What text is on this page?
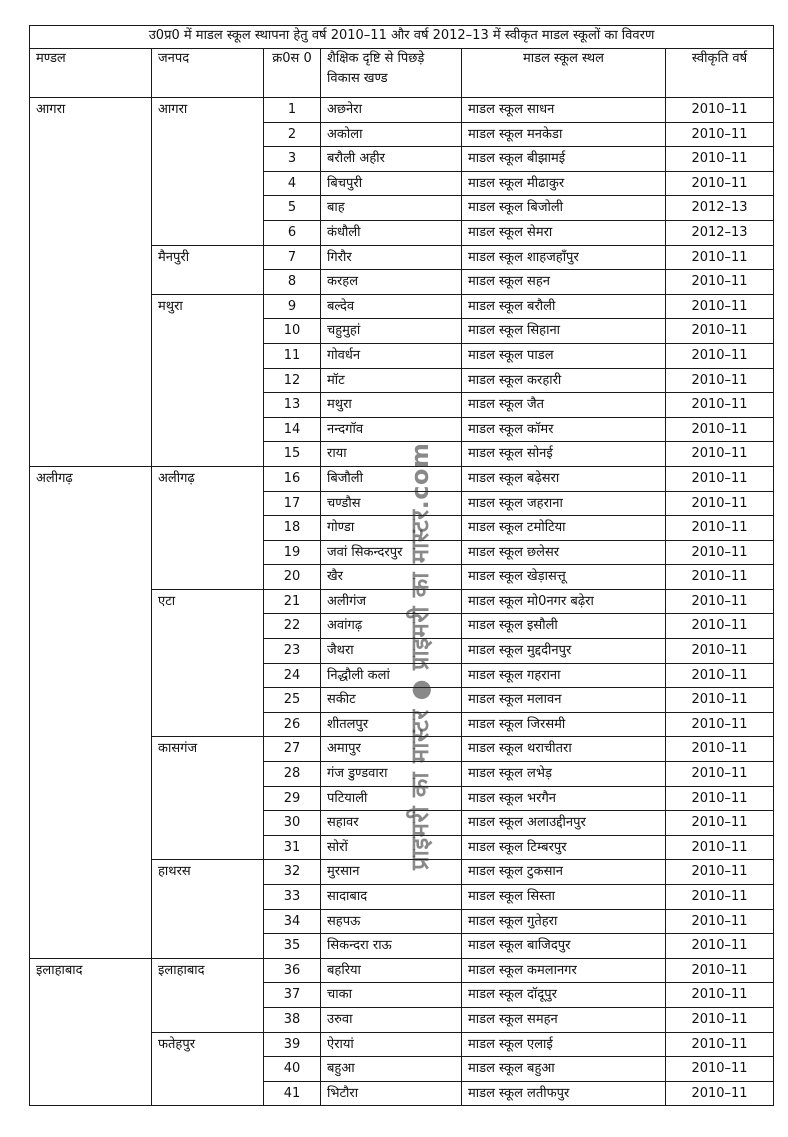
उ0प्र0 में माडल स्कूल स्थापना हेतु वर्ष 2010–11 और वर्ष 2012–13 में स्वीकृत माडल स्कूलों का विवरण					
मण्डल	जनपद	क्र0स 0	शैक्षिक दृष्टि से पिछड़े विकास खण्ड	माडल स्कूल स्थल	स्वीकृति वर्ष
आगरा	आगरा	1	अछनेरा	माडल स्कूल साधन	2010–11
		2	अकोला	माडल स्कूल मनकेडा	2010–11
		3	बरौली अहीर	माडल स्कूल बीझामई	2010–11
		4	बिचपुरी	माडल स्कूल मीढाकुर	2010–11
		5	बाह	माडल स्कूल बिजोली	2012–13
		6	कंधौली	माडल स्कूल सेमरा	2012–13
	मैनपुरी	7	गिरौर	माडल स्कूल शाहजहाँपुर	2010–11
		8	करहल	माडल स्कूल सहन	2010–11
	मथुरा	9	बल्देव	माडल स्कूल बरौली	2010–11
		10	चहुमुहां	माडल स्कूल सिहाना	2010–11
		11	गोवर्धन	माडल स्कूल पाडल	2010–11
		12	मॉट	माडल स्कूल करहारी	2010–11
		13	मथुरा	माडल स्कूल जैत	2010–11
		14	नन्दगॉव	माडल स्कूल कॉमर	2010–11
		15	राया	माडल स्कूल सोनई	2010–11
अलीगढ़	अलीगढ़	16	बिजौली	माडल स्कूल बढ़ेसरा	2010–11
		17	चण्डौस	माडल स्कूल जहराना	2010–11
		18	गोण्डा	माडल स्कूल टमोटिया	2010–11
		19	जवां सिकन्दरपुर	माडल स्कूल छलेसर	2010–11
		20	खैर	माडल स्कूल खेड़ासत्तू	2010–11
	एटा	21	अलीगंज	माडल स्कूल मो0नगर बढ़ेरा	2010–11
		22	अवांगढ़	माडल स्कूल इसौली	2010–11
		23	जैथरा	माडल स्कूल मुद्ददीनपुर	2010–11
		24	निद्धौली कलां	माडल स्कूल गहराना	2010–11
		25	सकीट	माडल स्कूल मलावन	2010–11
		26	शीतलपुर	माडल स्कूल जिरसमी	2010–11
	कासगंज	27	अमापुर	माडल स्कूल थराचीतरा	2010–11
		28	गंज डुण्डवारा	माडल स्कूल लभेड़	2010–11
		29	पटियाली	माडल स्कूल भरगैन	2010–11
		30	सहावर	माडल स्कूल अलाउद्दीनपुर	2010–11
		31	सोरों	माडल स्कूल टिम्बरपुर	2010–11
	हाथरस	32	मुरसान	माडल स्कूल टुकसान	2010–11
		33	सादाबाद	माडल स्कूल सिस्ता	2010–11
		34	सहपऊ	माडल स्कूल गुतेहरा	2010–11
		35	सिकन्दरा राऊ	माडल स्कूल बाजिदपुर	2010–11
इलाहाबाद	इलाहाबाद	36	बहरिया	माडल स्कूल कमलानगर	2010–11
		37	चाका	माडल स्कूल दॉदूपुर	2010–11
		38	उरुवा	माडल स्कूल समहन	2010–11
	फतेहपुर	39	ऐरायां	माडल स्कूल एलाई	2010–11
		40	बहुआ	माडल स्कूल बहुआ	2010–11
		41	भिटौरा	माडल स्कूल लतीफपुर	2010–11
प्राइमरी का मास्टर ● प्राइमरी का मास्टर.com
